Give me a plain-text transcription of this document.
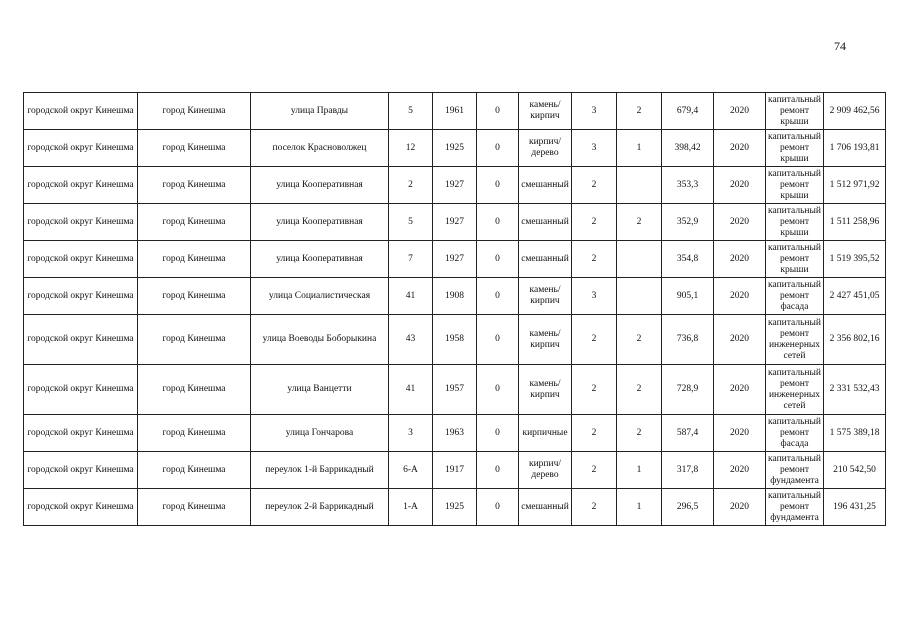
74
городской округ Кинешма	город Кинешма	улица Правды	5	1961	0	камень/кирпич	3	2	679,4	2020	капитальный ремонт крыши	2 909 462,56
городской округ Кинешма	город Кинешма	поселок Красноволжец	12	1925	0	кирпич/дерево	3	1	398,42	2020	капитальный ремонт крыши	1 706 193,81
городской округ Кинешма	город Кинешма	улица Кооперативная	2	1927	0	смешанный	2		353,3	2020	капитальный ремонт крыши	1 512 971,92
городской округ Кинешма	город Кинешма	улица Кооперативная	5	1927	0	смешанный	2	2	352,9	2020	капитальный ремонт крыши	1 511 258,96
городской округ Кинешма	город Кинешма	улица Кооперативная	7	1927	0	смешанный	2		354,8	2020	капитальный ремонт крыши	1 519 395,52
городской округ Кинешма	город Кинешма	улица Социалистическая	41	1908	0	камень/кирпич	3		905,1	2020	капитальный ремонт фасада	2 427 451,05
городской округ Кинешма	город Кинешма	улица Воеводы Боборыкина	43	1958	0	камень/кирпич	2	2	736,8	2020	капитальный ремонт инженерных сетей	2 356 802,16
городской округ Кинешма	город Кинешма	улица Ванцетти	41	1957	0	камень/кирпич	2	2	728,9	2020	капитальный ремонт инженерных сетей	2 331 532,43
городской округ Кинешма	город Кинешма	улица Гончарова	3	1963	0	кирпичные	2	2	587,4	2020	капитальный ремонт фасада	1 575 389,18
городской округ Кинешма	город Кинешма	переулок 1-й Баррикадный	6-А	1917	0	кирпич/дерево	2	1	317,8	2020	капитальный ремонт фундамента	210 542,50
городской округ Кинешма	город Кинешма	переулок 2-й Баррикадный	1-А	1925	0	смешанный	2	1	296,5	2020	капитальный ремонт фундамента	196 431,25
